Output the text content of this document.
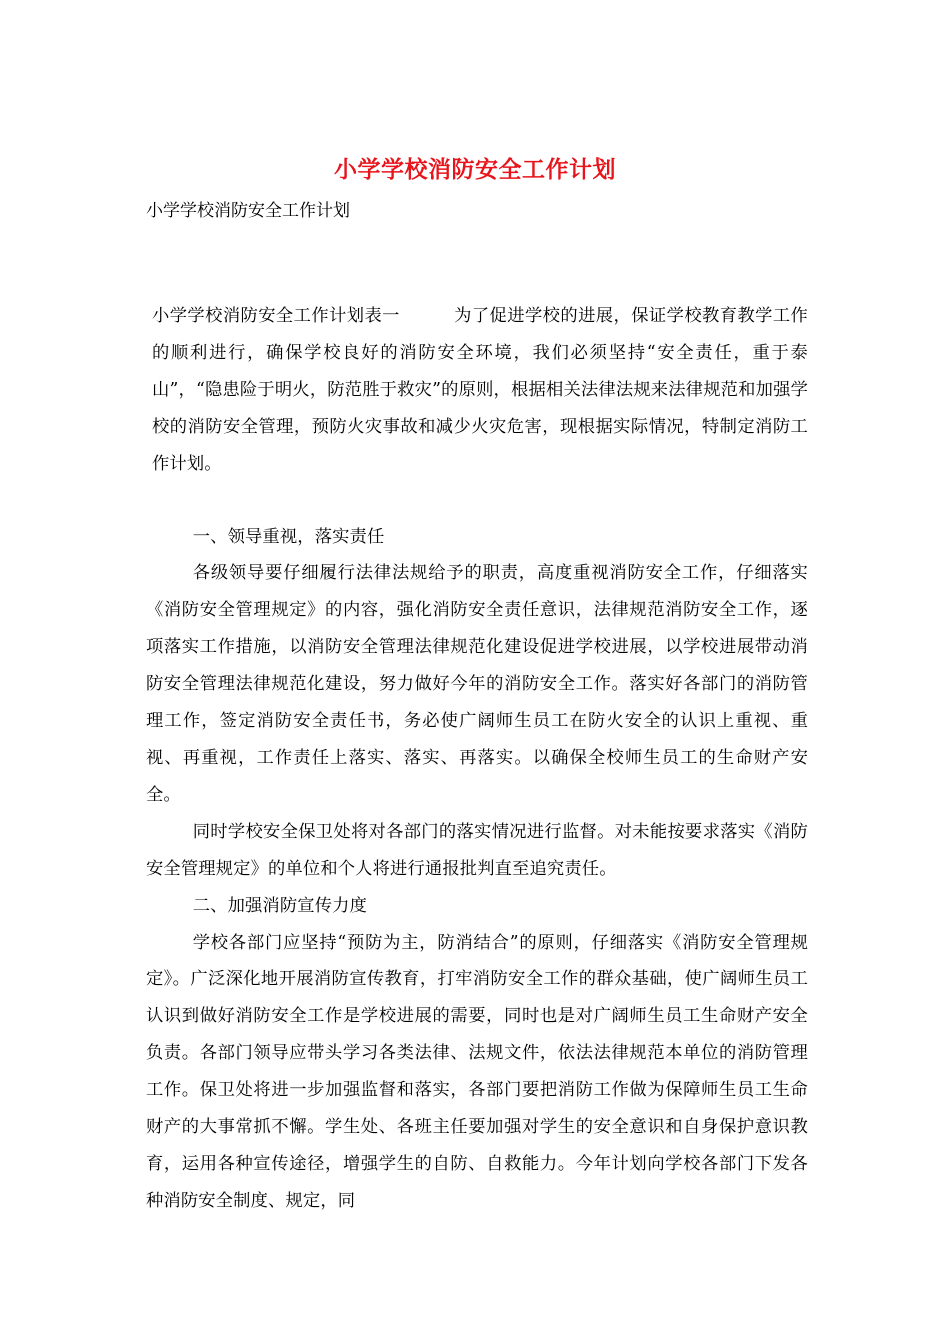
小学学校消防安全工作计划
小学学校消防安全工作计划

小学学校消防安全工作计划表一	为了促进学校的进展，保证学校教育教学工作的顺利进行，确保学校良好的消防安全环境，我们必须坚持“安全责任，重于泰山”，“隐患险于明火，防范胜于救灾”的原则，根据相关法律法规来法律规范和加强学校的消防安全管理，预防火灾事故和减少火灾危害，现根据实际情况，特制定消防工作计划。

一、领导重视，落实责任

各级领导要仔细履行法律法规给予的职责，高度重视消防安全工作，仔细落实《消防安全管理规定》的内容，强化消防安全责任意识，法律规范消防安全工作，逐项落实工作措施，以消防安全管理法律规范化建设促进学校进展，以学校进展带动消防安全管理法律规范化建设，努力做好今年的消防安全工作。落实好各部门的消防管理工作，签定消防安全责任书，务必使广阔师生员工在防火安全的认识上重视、重视、再重视，工作责任上落实、落实、再落实。以确保全校师生员工的生命财产安全。

同时学校安全保卫处将对各部门的落实情况进行监督。对未能按要求落实《消防安全管理规定》的单位和个人将进行通报批判直至追究责任。

二、加强消防宣传力度

学校各部门应坚持“预防为主，防消结合”的原则，仔细落实《消防安全管理规定》。广泛深化地开展消防宣传教育，打牢消防安全工作的群众基础，使广阔师生员工认识到做好消防安全工作是学校进展的需要，同时也是对广阔师生员工生命财产安全负责。各部门领导应带头学习各类法律、法规文件，依法法律规范本单位的消防管理工作。保卫处将进一步加强监督和落实，各部门要把消防工作做为保障师生员工生命财产的大事常抓不懈。学生处、各班主任要加强对学生的安全意识和自身保护意识教育，运用各种宣传途径，增强学生的自防、自救能力。今年计划向学校各部门下发各种消防安全制度、规定，同
